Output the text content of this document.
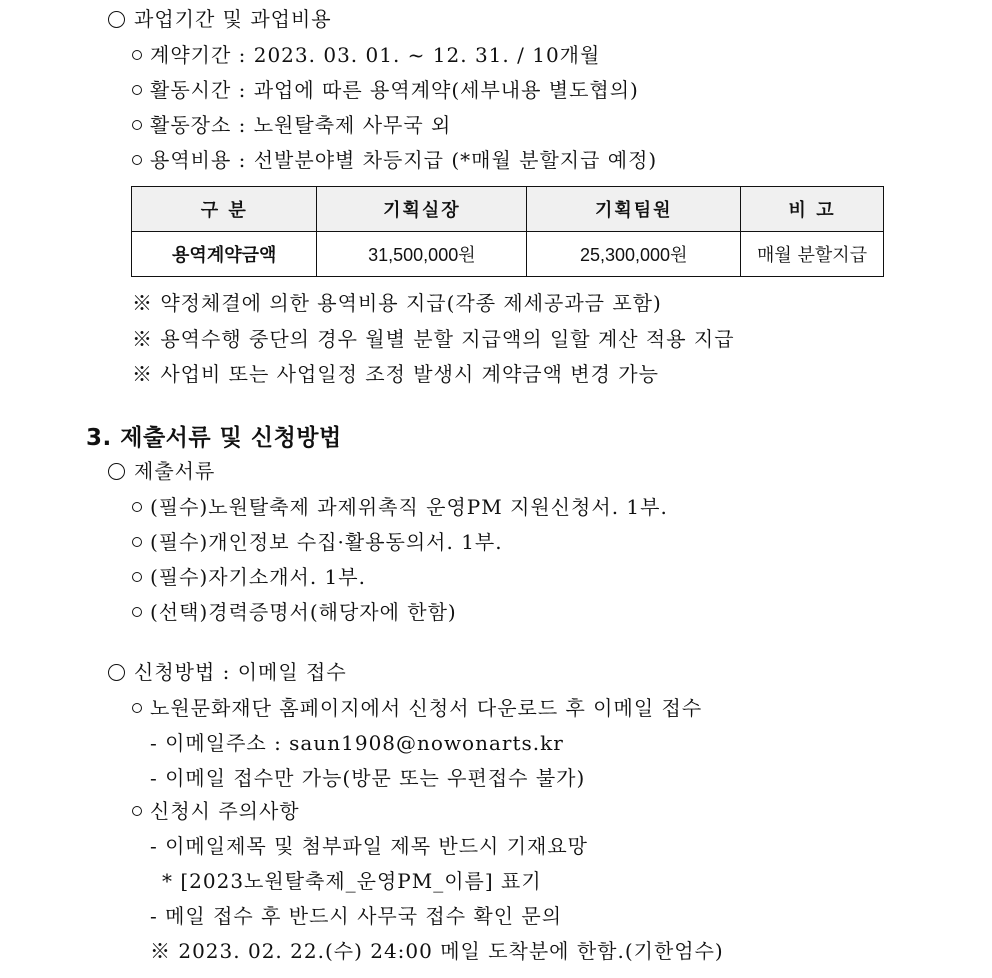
과업기간 및 과업비용
계약기간 : 2023. 03. 01. ~ 12. 31. / 10개월
활동시간 : 과업에 따른 용역계약(세부내용 별도협의)
활동장소 : 노원탈축제 사무국 외
용역비용 : 선발분야별 차등지급 (*매월 분할지급 예정)
구 분	기획실장	기획팀원	비 고
용역계약금액	31,500,000원	25,300,000원	매월 분할지급
※ 약정체결에 의한 용역비용 지급(각종 제세공과금 포함)
※ 용역수행 중단의 경우 월별 분할 지급액의 일할 계산 적용 지급
※ 사업비 또는 사업일정 조정 발생시 계약금액 변경 가능
3. 제출서류 및 신청방법
제출서류
(필수)노원탈축제 과제위촉직 운영PM 지원신청서. 1부.
(필수)개인정보 수집·활용동의서. 1부.
(필수)자기소개서. 1부.
(선택)경력증명서(해당자에 한함)
신청방법 : 이메일 접수
노원문화재단 홈페이지에서 신청서 다운로드 후 이메일 접수
- 이메일주소 : saun1908@nowonarts.kr
- 이메일 접수만 가능(방문 또는 우편접수 불가)
신청시 주의사항
- 이메일제목 및 첨부파일 제목 반드시 기재요망
* [2023노원탈축제_운영PM_이름] 표기
- 메일 접수 후 반드시 사무국 접수 확인 문의
※ 2023. 02. 22.(수) 24:00 메일 도착분에 한함.(기한엄수)
